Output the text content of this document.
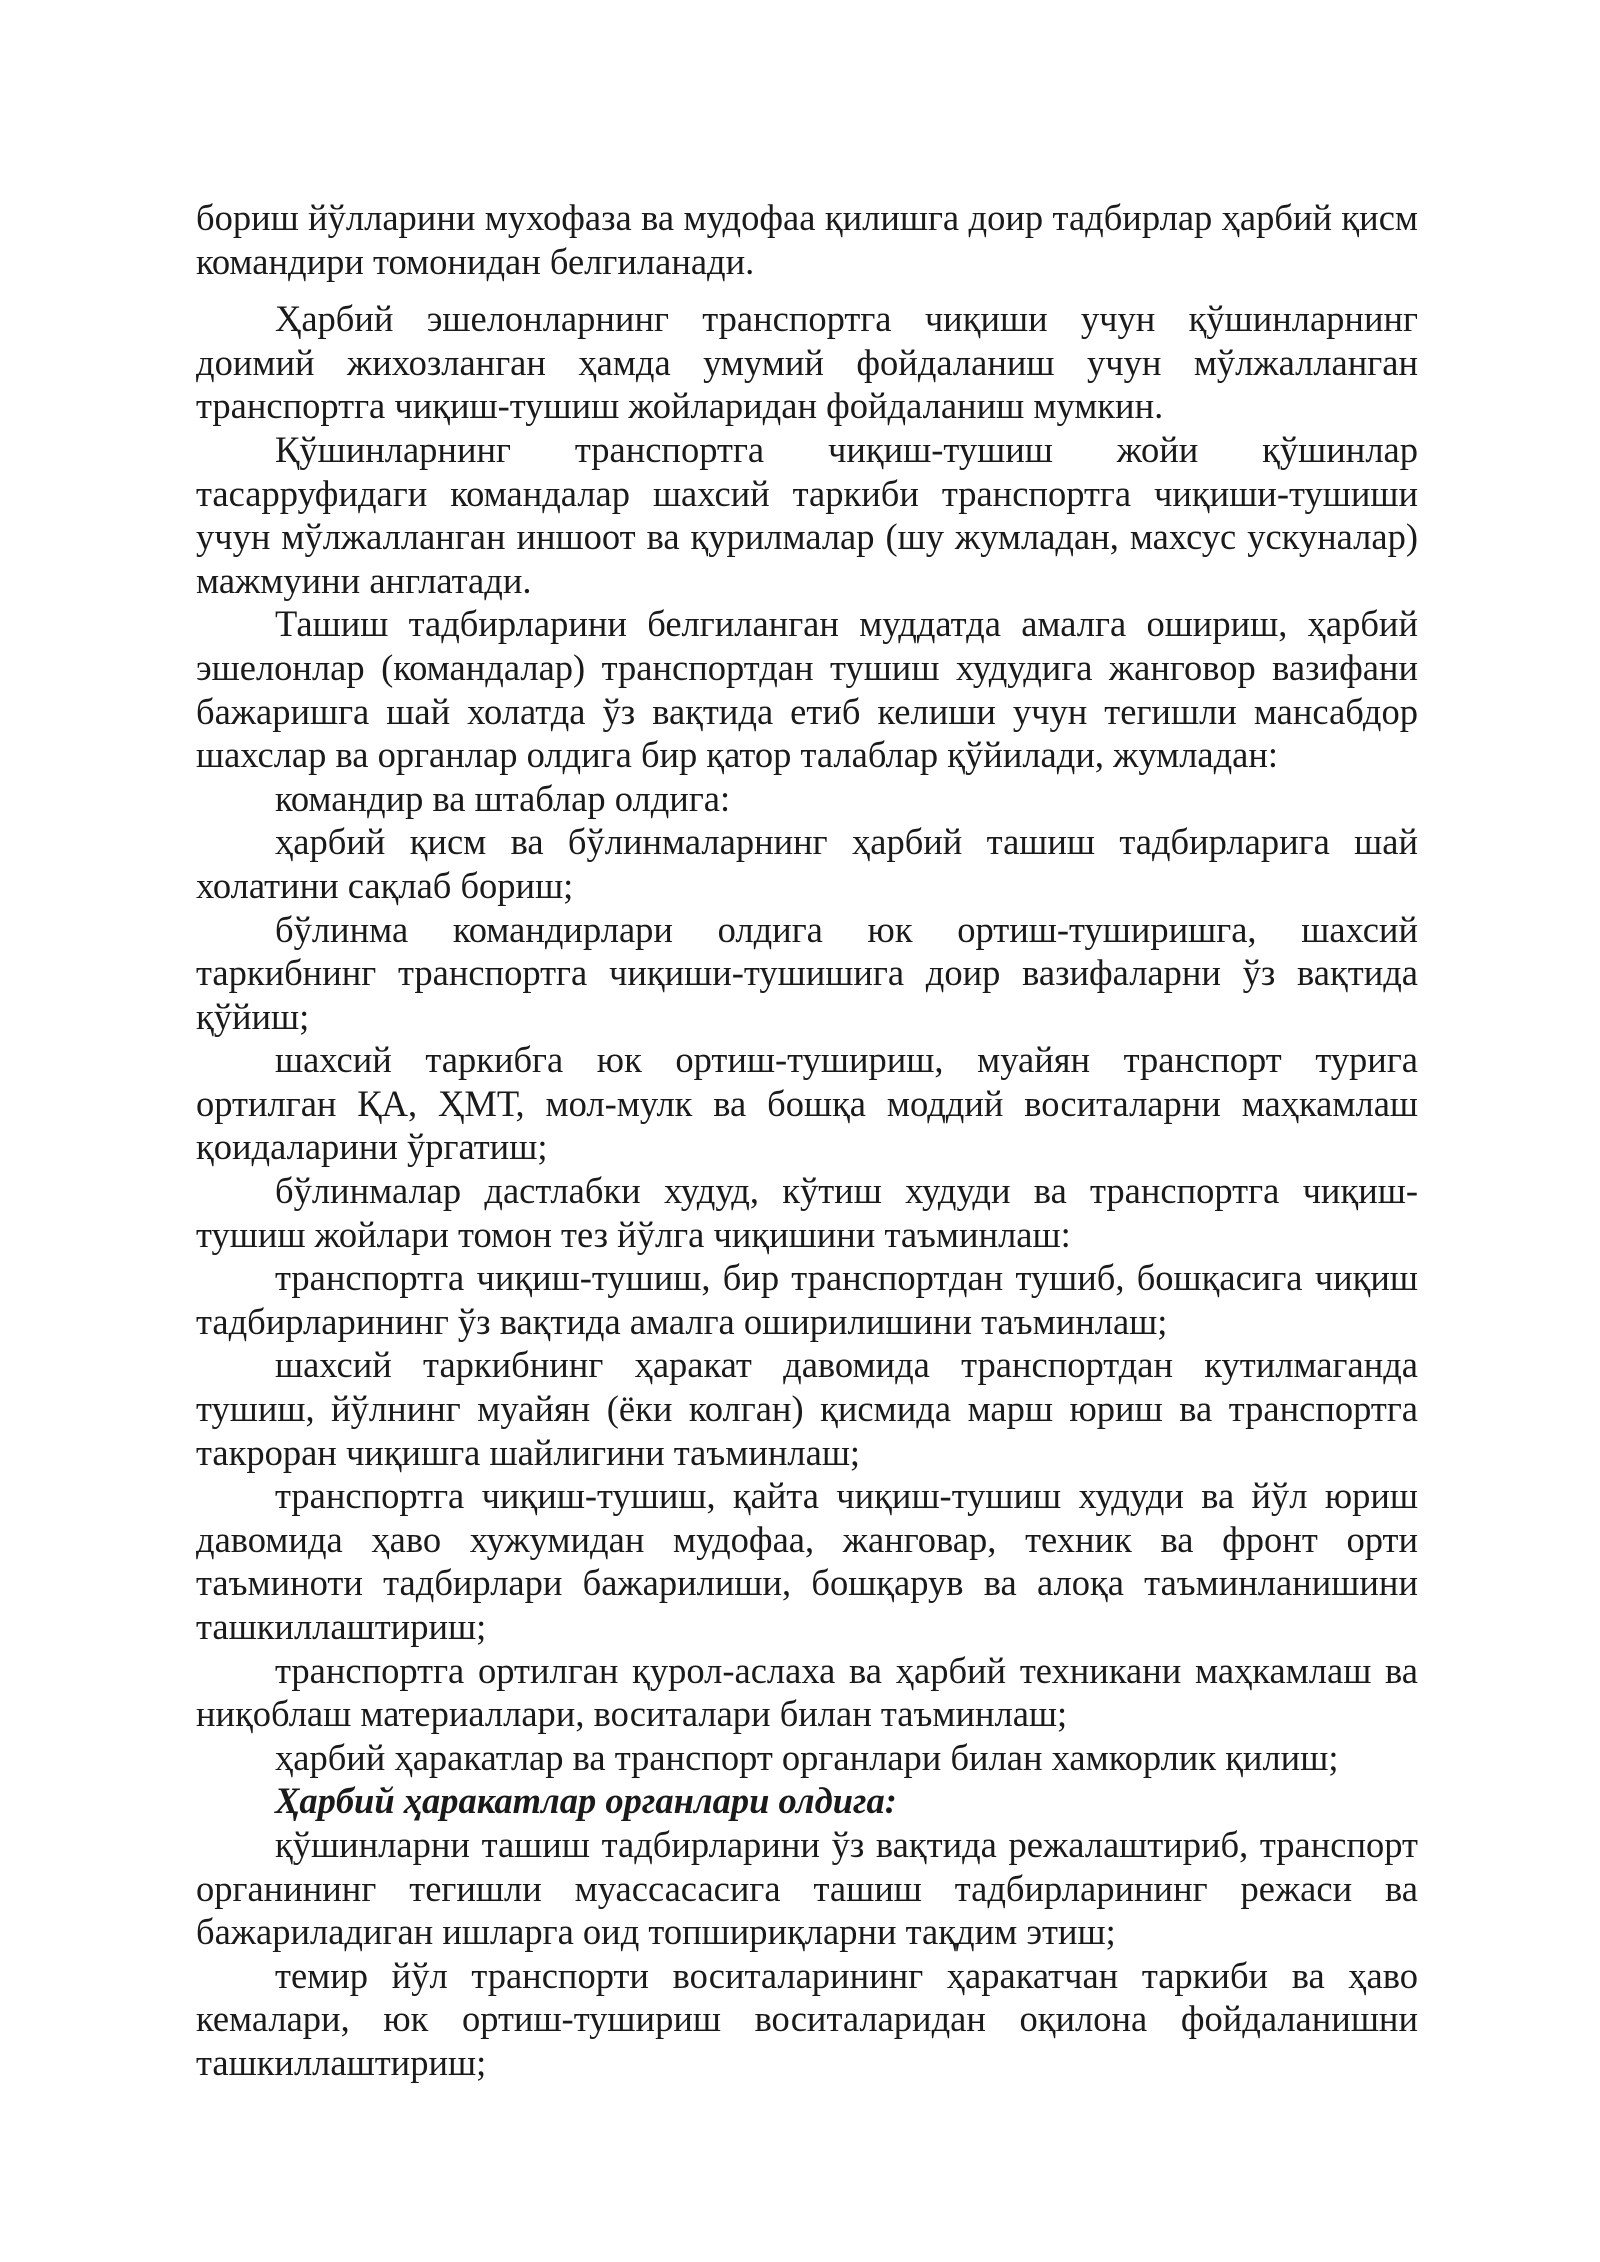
бориш йўлларини мухофаза ва мудофаа қилишга доир тадбирлар ҳарбий қисм командири томонидан белгиланади.

Ҳарбий эшелонларнинг транспортга чиқиши учун қўшинларнинг доимий жихозланган ҳамда умумий фойдаланиш учун мўлжалланган транспортга чиқиш-тушиш жойларидан фойдаланиш мумкин.

Қўшинларнинг транспортга чиқиш-тушиш жойи қўшинлар тасарруфидаги командалар шахсий таркиби транспортга чиқиши-тушиши учун мўлжалланган иншоот ва қурилмалар (шу жумладан, махсус ускуналар) мажмуини англатади.

Ташиш тадбирларини белгиланган муддатда амалга ошириш, ҳарбий эшелонлар (командалар) транспортдан тушиш худудига жанговор вазифани бажаришга шай холатда ўз вақтида етиб келиши учун тегишли мансабдор шахслар ва органлар олдига бир қатор талаблар қўйилади, жумладан:

командир ва штаблар олдига:

ҳарбий қисм ва бўлинмаларнинг ҳарбий ташиш тадбирларига шай холатини сақлаб бориш;

бўлинма командирлари олдига юк ортиш-туширишга, шахсий таркибнинг транспортга чиқиши-тушишига доир вазифаларни ўз вақтида қўйиш;

шахсий таркибга юк ортиш-тушириш, муайян транспорт турига ортилган ҚА, ҲМТ, мол-мулк ва бошқа моддий воситаларни маҳкамлаш қоидаларини ўргатиш;

бўлинмалар дастлабки худуд, кўтиш худуди ва транспортга чиқиш-тушиш жойлари томон тез йўлга чиқишини таъминлаш:

транспортга чиқиш-тушиш, бир транспортдан тушиб, бошқасига чиқиш тадбирларининг ўз вақтида амалга оширилишини таъминлаш;

шахсий таркибнинг ҳаракат давомида транспортдан кутилмаганда тушиш, йўлнинг муайян (ёки колган) қисмида марш юриш ва транспортга такроран чиқишга шайлигини таъминлаш;

транспортга чиқиш-тушиш, қайта чиқиш-тушиш худуди ва йўл юриш давомида ҳаво хужумидан мудофаа, жанговар, техник ва фронт орти таъминоти тадбирлари бажарилиши, бошқарув ва алоқа таъминланишини ташкиллаштириш;

транспортга ортилган қурол-аслаха ва ҳарбий техникани маҳкамлаш ва ниқоблаш материаллари, воситалари билан таъминлаш;

ҳарбий ҳаракатлар ва транспорт органлари билан хамкорлик қилиш;

Ҳарбий ҳаракатлар органлари олдига:

қўшинларни ташиш тадбирларини ўз вақтида режалаштириб, транспорт органининг тегишли муассасасига ташиш тадбирларининг режаси ва бажариладиган ишларга оид топшириқларни тақдим этиш;

темир йўл транспорти воситаларининг ҳаракатчан таркиби ва ҳаво кемалари, юк ортиш-тушириш воситаларидан оқилона фойдаланишни ташкиллаштириш;
